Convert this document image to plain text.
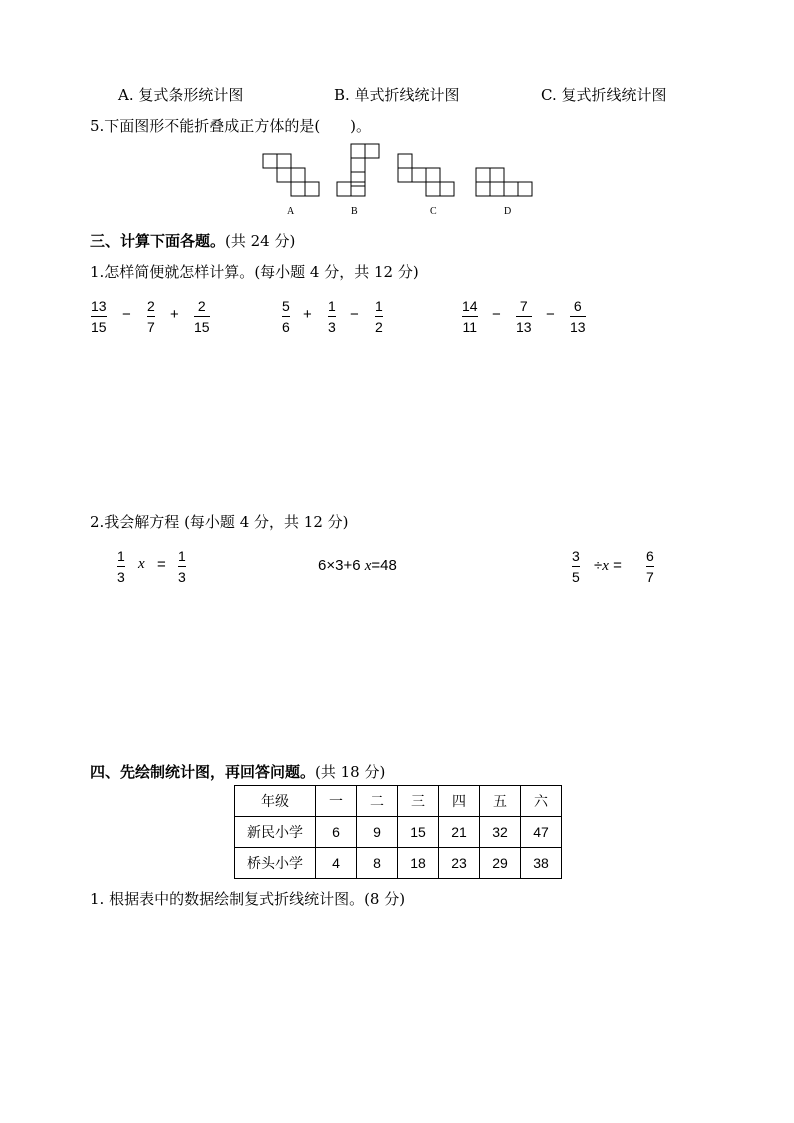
A. 复式条形统计图	B. 单式折线统计图	C. 复式折线统计图
5.下面图形不能折叠成正方体的是(　　)。
A	B	C	D
三、计算下面各题。(共 24 分)
1.怎样简便就怎样计算。(每小题 4 分，共 12 分)
13
15
− 2
7
+ 2
15
5
6
+ 1
3
− 1
2
14
11
− 7
13
− 6
13
2.我会解方程 (每小题 4 分，共 12 分)
1
3
x = 1
3
6×3+6 x=48
3
5
÷x =
6
7
四、先绘制统计图，再回答问题。(共 18 分)
年级	一	二	三	四	五	六
新民小学	6	9	15	21	32	47
桥头小学	4	8	18	23	29	38
1. 根据表中的数据绘制复式折线统计图。(8 分)
